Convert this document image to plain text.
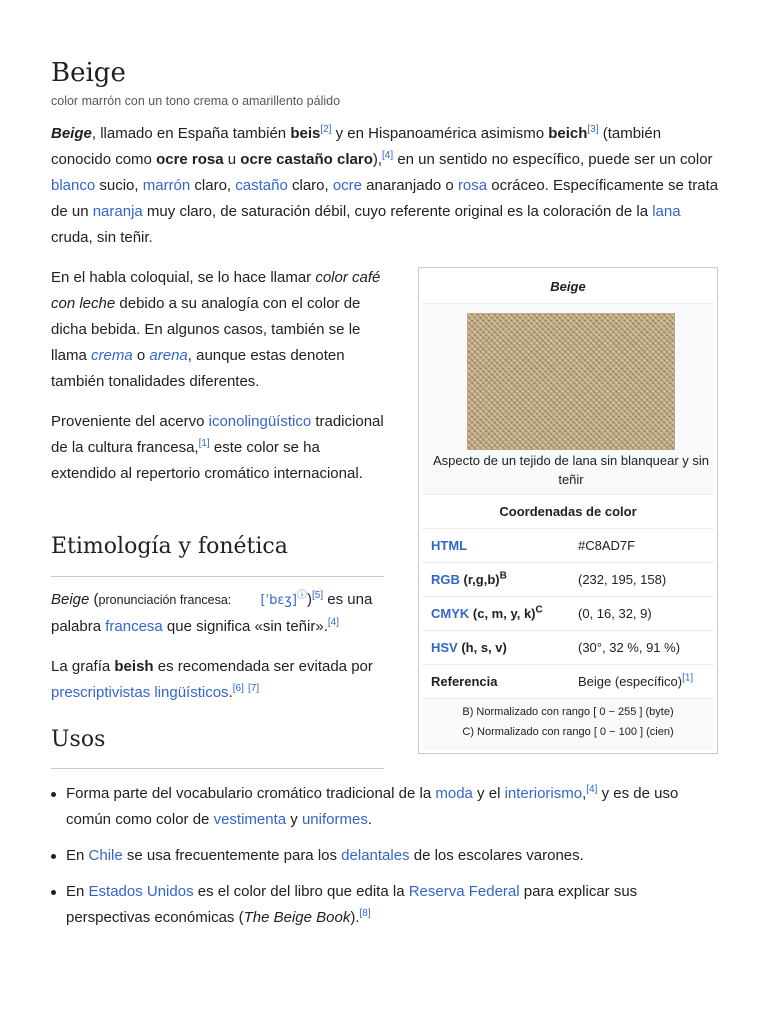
Beige
color marrón con un tono crema o amarillento pálido

Beige, llamado en España también beis[2] y en Hispanoamérica asimismo beich[3] (también conocido como ocre rosa u ocre castaño claro),[4] en un sentido no específico, puede ser un color blanco sucio, marrón claro, castaño claro, ocre anaranjado o rosa ocráceo. Específicamente se trata de un naranja muy claro, de saturación débil, cuyo referente original es la coloración de la lana cruda, sin teñir.

En el habla coloquial, se lo hace llamar color café con leche debido a su analogía con el color de dicha bebida. En algunos casos, también se le llama crema o arena, aunque estas denoten también tonalidades diferentes.

Proveniente del acervo iconolingüístico tradicional de la cultura francesa,[1] este color se ha extendido al repertorio cromático internacional.

Etimología y fonética

Beige (pronunciación francesa: [ˈbɛʒ]ⓘ)[5] es una palabra francesa que significa «sin teñir».[4]

La grafía beish es recomendada ser evitada por prescriptivistas lingüísticos.[6] [7]

Usos
Forma parte del vocabulario cromático tradicional de la moda y el interiorismo,[4] y es de uso común como color de vestimenta y uniformes.
En Chile se usa frecuentemente para los delantales de los escolares varones.
En Estados Unidos es el color del libro que edita la Reserva Federal para explicar sus perspectivas económicas (The Beige Book).[8]
Beige
Aspecto de un tejido de lana sin blanquear y sin teñir
Coordenadas de color
HTML	#C8AD7F
RGB $(r,g,b)^B$	(232, 195, 158)
CMYK (c, m, y, k)$^C$	(0, 16, 32, 9)
HSV (h, s, v)	(30°, 32 %, 91 %)
Referencia	Beige (específico)[1]
B) Normalizado con rango [ 0 − 255 ] (byte)
C) Normalizado con rango [ 0 − 100 ] (cien)
